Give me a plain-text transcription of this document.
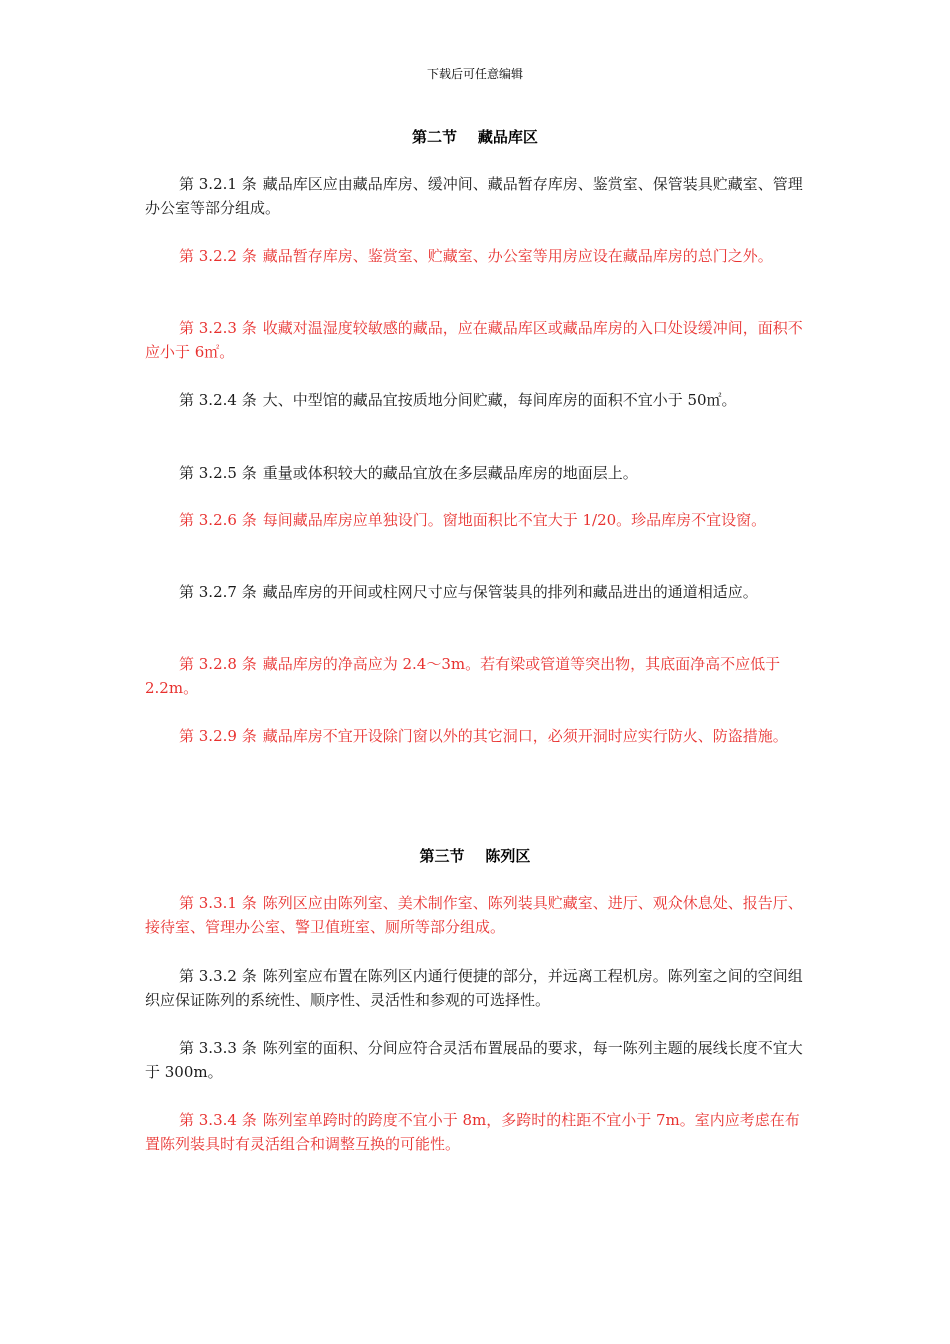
下载后可任意编辑
第二节    藏品库区

第 3.2.1 条 藏品库区应由藏品库房、缓冲间、藏品暂存库房、鉴赏室、保管装具贮藏室、管理办公室等部分组成。

第 3.2.2 条 藏品暂存库房、鉴赏室、贮藏室、办公室等用房应设在藏品库房的总门之外。

第 3.2.3 条 收藏对温湿度较敏感的藏品，应在藏品库区或藏品库房的入口处设缓冲间，面积不应小于 6㎡。

第 3.2.4 条 大、中型馆的藏品宜按质地分间贮藏，每间库房的面积不宜小于 50㎡。

第 3.2.5 条 重量或体积较大的藏品宜放在多层藏品库房的地面层上。

第 3.2.6 条 每间藏品库房应单独设门。窗地面积比不宜大于 1/20。珍品库房不宜设窗。

第 3.2.7 条 藏品库房的开间或柱网尺寸应与保管装具的排列和藏品进出的通道相适应。

第 3.2.8 条 藏品库房的净高应为 2.4～3m。若有梁或管道等突出物，其底面净高不应低于 2.2m。

第 3.2.9 条 藏品库房不宜开设除门窗以外的其它洞口，必须开洞时应实行防火、防盗措施。

第三节    陈列区

第 3.3.1 条 陈列区应由陈列室、美术制作室、陈列装具贮藏室、进厅、观众休息处、报告厅、接待室、管理办公室、警卫值班室、厕所等部分组成。

第 3.3.2 条 陈列室应布置在陈列区内通行便捷的部分，并远离工程机房。陈列室之间的空间组织应保证陈列的系统性、顺序性、灵活性和参观的可选择性。

第 3.3.3 条 陈列室的面积、分间应符合灵活布置展品的要求，每一陈列主题的展线长度不宜大于 300m。

第 3.3.4 条 陈列室单跨时的跨度不宜小于 8m，多跨时的柱距不宜小于 7m。室内应考虑在布置陈列装具时有灵活组合和调整互换的可能性。
